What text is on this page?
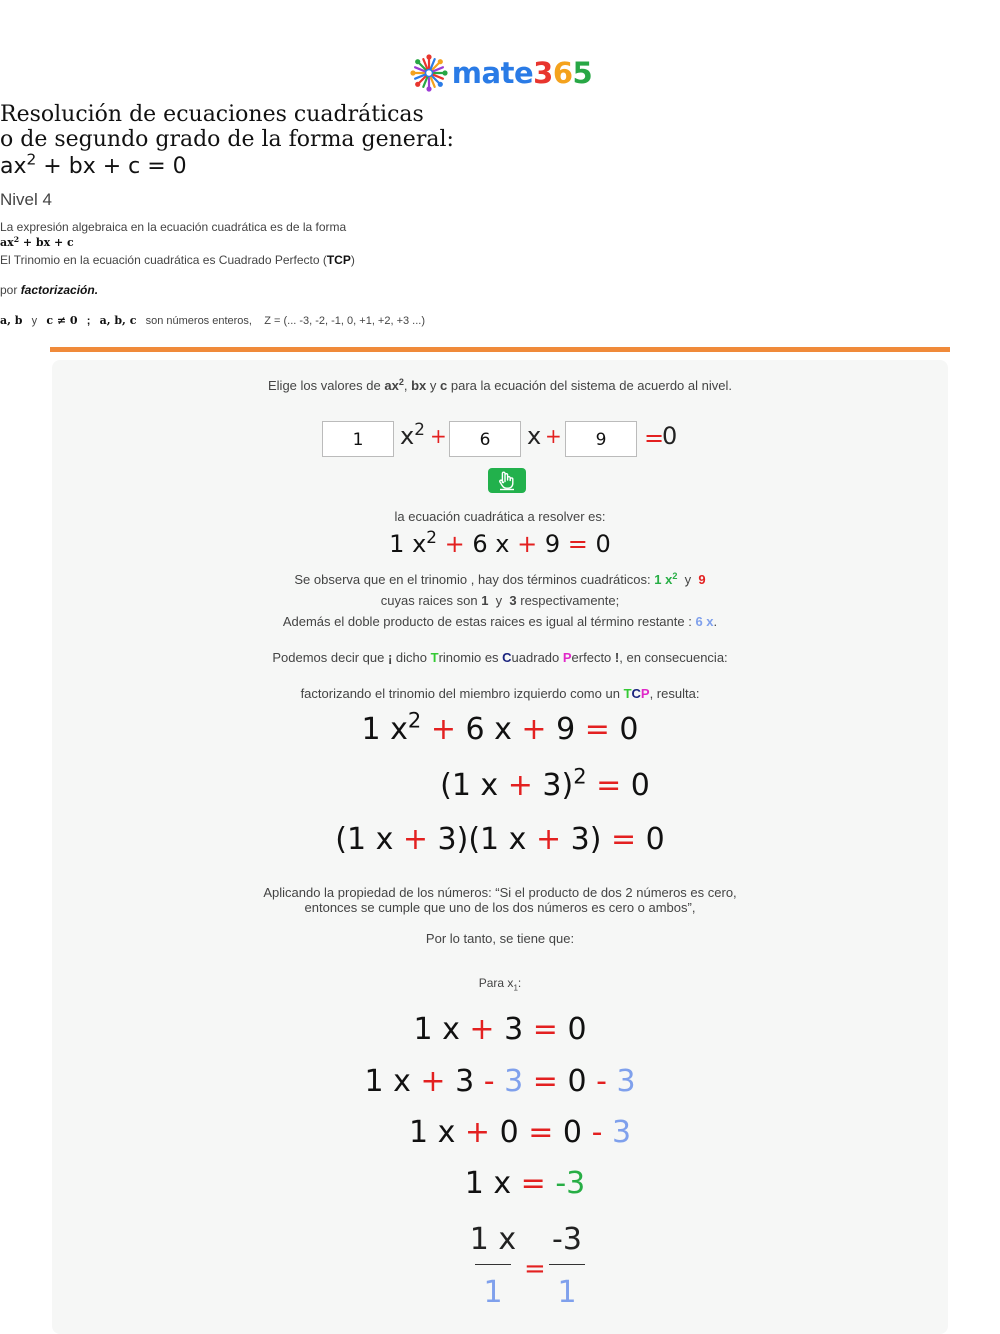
mate365
Resolución de ecuaciones cuadráticas
o de segundo grado de la forma general:
$ax^2$ + bx + c = 0
Nivel 4
La expresión algebraica en la ecuación cuadrática es de la forma
$ax^2$ + bx + c
El Trinomio en la ecuación cuadrática es Cuadrado Perfecto (TCP)
por factorización.
a, b y c ≠ 0 ; a, b, c son números enteros, Z = (... -3, -2, -1, 0, +1, +2, +3 ...)
Elige los valores de $ax^2$, bx y c para la ecuación del sistema de acuerdo al nivel.
1	$x^2$ +	6	x +	9	=
0
la ecuación cuadrática a resolver es:
1 $x^2 + 6$ x + 9 = 0
Se observa que en el trinomio , hay dos términos cuadráticos: 1 $x^2$ y 9
cuyas raices son 1 y 3 respectivamente;
Además el doble producto de estas raices es igual al término restante : 6 x.
Podemos decir que ¡ dicho Trinomio es Cuadrado Perfecto !, en consecuencia:
factorizando el trinomio del miembro izquierdo como un TCP, resulta:
1 $x^2 + 6$ x + 9 = 0
(1 x + 3)$^2$ = 0
(1 x + 3)(1 x + 3) = 0
Aplicando la propiedad de los números: “Si el producto de dos 2 números es cero,
entonces se cumple que uno de los dos números es cero o ambos”,
Por lo tanto, se tiene que:
Para $x_1$:
1 x + 3 = 0
1 x + 3 - 3 = 0 - 3
1 x + 0 = 0 - 3
1 x = -3
1 x
1
=
-3
1
